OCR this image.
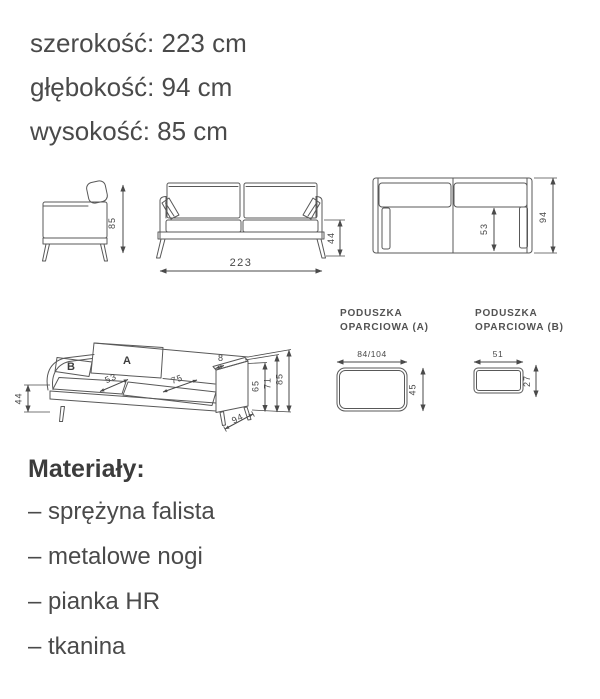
szerokość: 223 cm
głębokość: 94 cm
wysokość: 85 cm
85
223
44
53
94
A
B
44
53	75
8
65 71 85
94
PODUSZKA
OPARCIOWA (A)
84/104
45
PODUSZKA
OPARCIOWA (B)
51
27
Materiały:
– sprężyna falista
– metalowe nogi
– pianka HR
– tkanina
